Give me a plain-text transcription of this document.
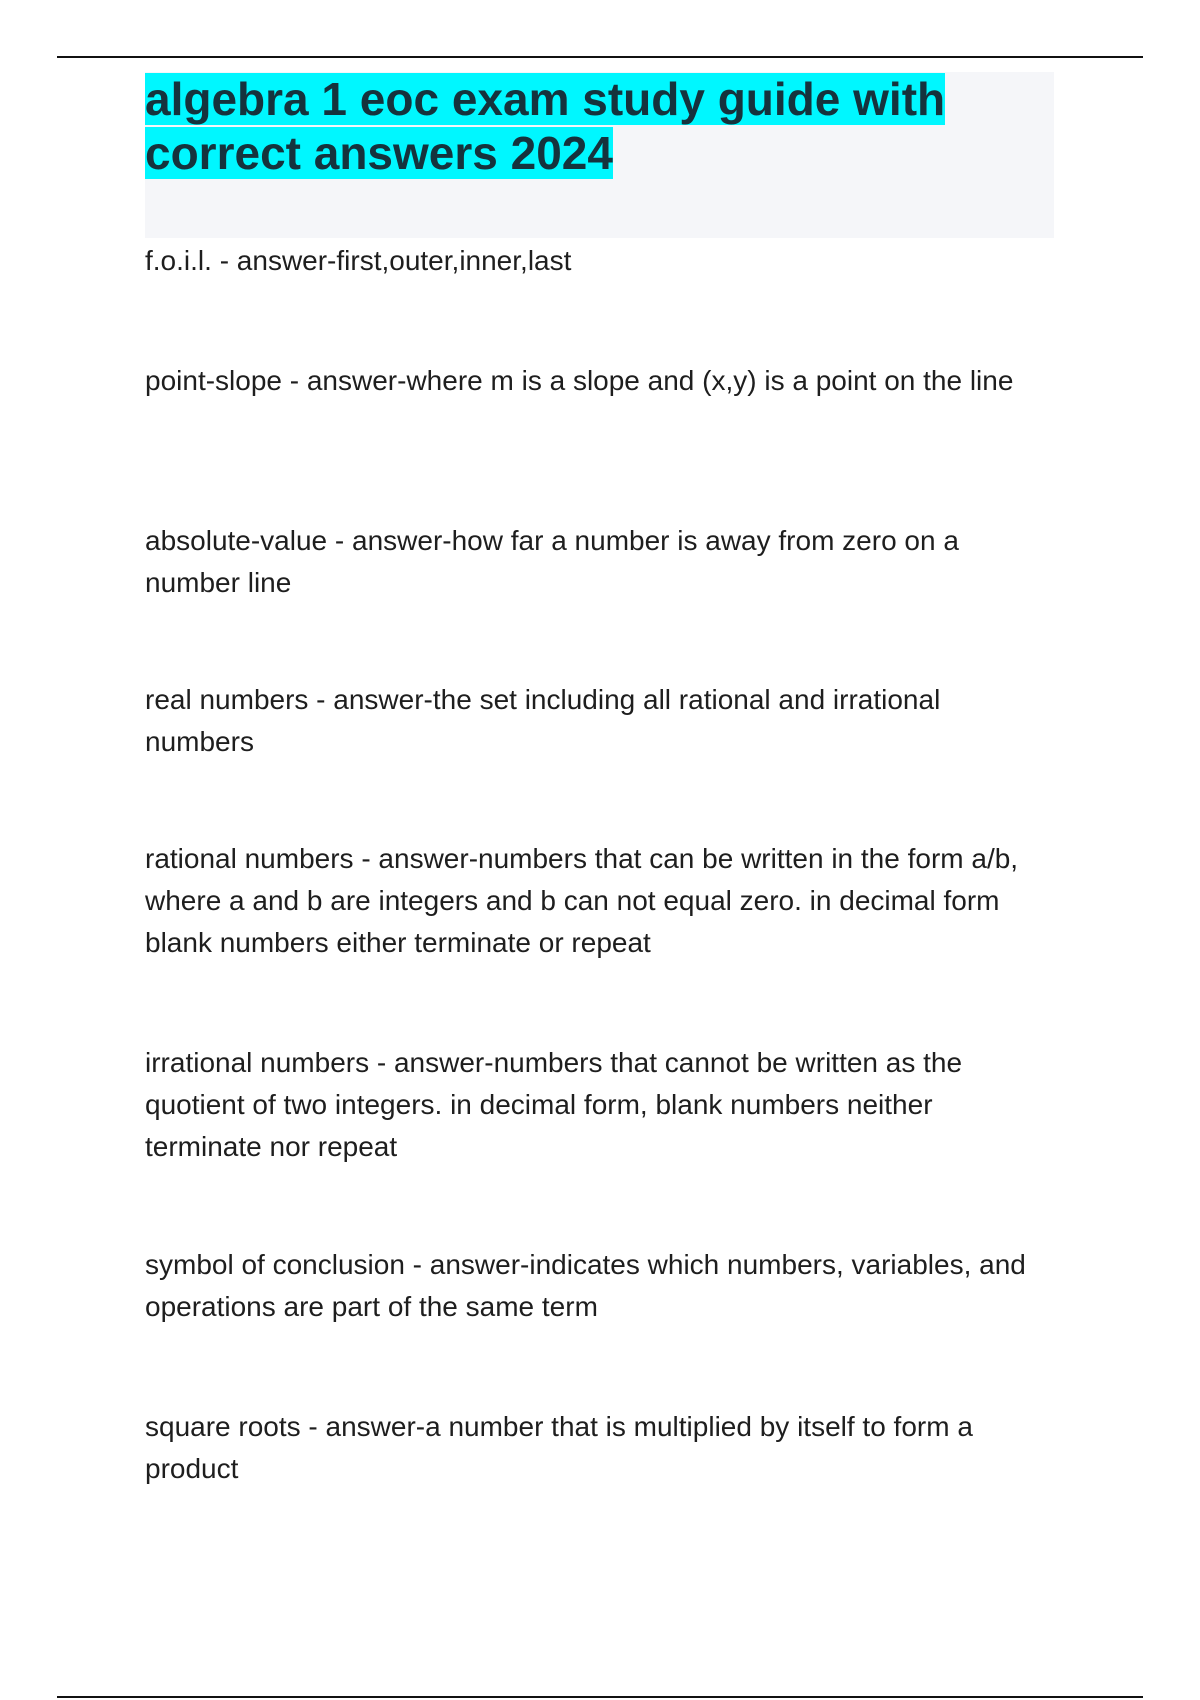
algebra 1 eoc exam study guide with correct answers 2024

f.o.i.l. - answer-first,outer,inner,last

point-slope - answer-where m is a slope and (x,y) is a point on the line

absolute-value - answer-how far a number is away from zero on a number line

real numbers - answer-the set including all rational and irrational numbers

rational numbers - answer-numbers that can be written in the form a/b, where a and b are integers and b can not equal zero. in decimal form blank numbers either terminate or repeat

irrational numbers - answer-numbers that cannot be written as the quotient of two integers. in decimal form, blank numbers neither terminate nor repeat

symbol of conclusion - answer-indicates which numbers, variables, and operations are part of the same term

square roots - answer-a number that is multiplied by itself to form a product
